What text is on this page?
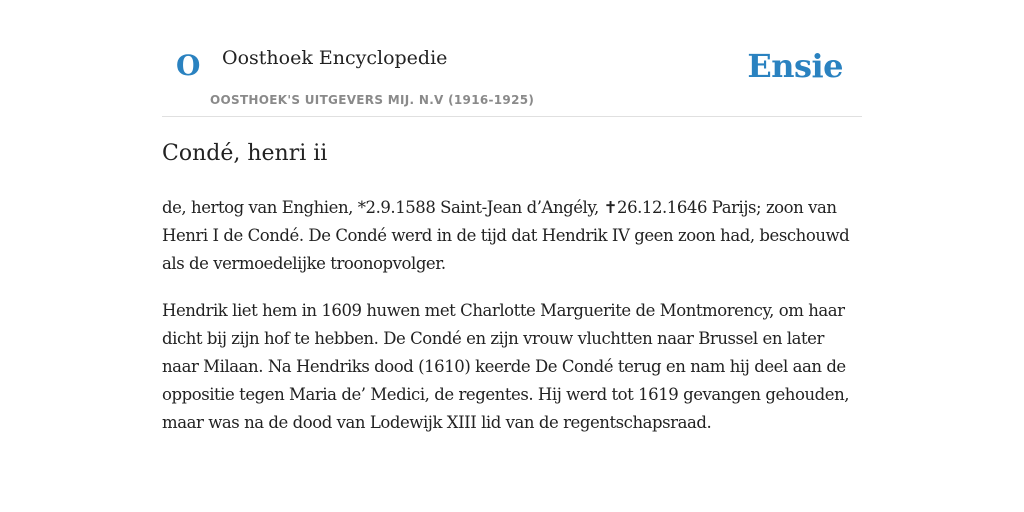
O Oosthoek Encyclopedie
OOSTHOEK'S UITGEVERS MIJ. N.V (1916-1925)
Ensie
Condé, henri ii

de, hertog van Enghien, *2.9.1588 Saint-Jean d’Angély, ✝26.12.1646 Parijs; zoon van Henri I de Condé. De Condé werd in de tijd dat Hendrik IV geen zoon had, beschouwd als de vermoedelijke troonopvolger.

Hendrik liet hem in 1609 huwen met Charlotte Marguerite de Montmorency, om haar dicht bij zijn hof te hebben. De Condé en zijn vrouw vluchtten naar Brussel en later naar Milaan. Na Hendriks dood (1610) keerde De Condé terug en nam hij deel aan de oppositie tegen Maria de’ Medici, de regentes. Hij werd tot 1619 gevangen gehouden, maar was na de dood van Lodewijk XIII lid van de regentschapsraad.
